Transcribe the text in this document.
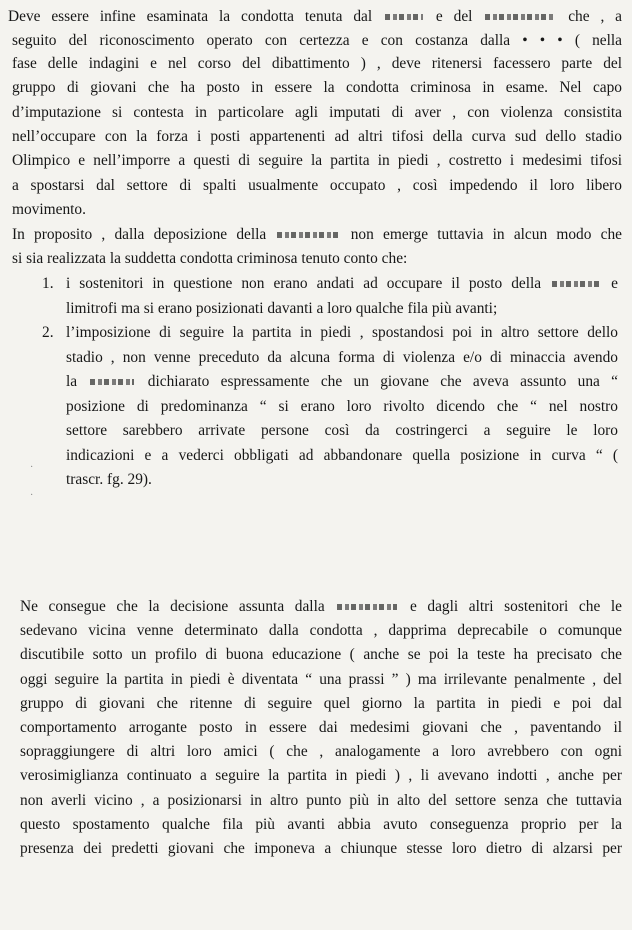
Deve essere infine esaminata la condotta tenuta dal	e del	che , a
seguito del riconoscimento operato con certezza e con costanza dalla • • • ( nella
fase delle indagini e nel corso del dibattimento ) , deve ritenersi facessero parte del
gruppo di giovani che ha posto in essere la condotta criminosa in esame. Nel capo
d’imputazione si contesta in particolare agli imputati di aver , con violenza consistita
nell’occupare con la forza i posti appartenenti ad altri tifosi della curva sud dello stadio
Olimpico e nell’imporre a questi di seguire la partita in piedi , costretto i medesimi tifosi
a spostarsi dal settore di spalti usualmente occupato , così impedendo il loro libero
movimento.
In proposito , dalla deposizione della	non emerge tuttavia in alcun modo che
si sia realizzata la suddetta condotta criminosa tenuto conto che:
1. i sostenitori in questione non erano andati ad occupare il posto della	e
limitrofi ma si erano posizionati davanti a loro qualche fila più avanti;
2. l’imposizione di seguire la partita in piedi , spostandosi poi in altro settore dello
stadio , non venne preceduto da alcuna forma di violenza e/o di minaccia avendo
la	dichiarato espressamente che un giovane che aveva assunto una “
posizione di predominanza “ si erano loro rivolto dicendo che “ nel nostro
settore sarebbero arrivate persone così da costringerci a seguire le loro
indicazioni e a vederci obbligati ad abbandonare quella posizione in curva “ (
trascr. fg. 29).
Ne consegue che la decisione assunta dalla	e dagli altri sostenitori che le
sedevano vicina venne determinato dalla condotta , dapprima deprecabile o comunque
discutibile sotto un profilo di buona educazione ( anche se poi la teste ha precisato che
oggi seguire la partita in piedi è diventata “ una prassi ” ) ma irrilevante penalmente , del
gruppo di giovani che ritenne di seguire quel giorno la partita in piedi e poi dal
comportamento arrogante posto in essere dai medesimi giovani che , paventando il
sopraggiungere di altri loro amici ( che , analogamente a loro avrebbero con ogni
verosimiglianza continuato a seguire la partita in piedi ) , li avevano indotti , anche per
non averli vicino , a posizionarsi in altro punto più in alto del settore senza che tuttavia
questo spostamento qualche fila più avanti abbia avuto conseguenza proprio per la
presenza dei predetti giovani che imponeva a chiunque stesse loro dietro di alzarsi per
·
·
